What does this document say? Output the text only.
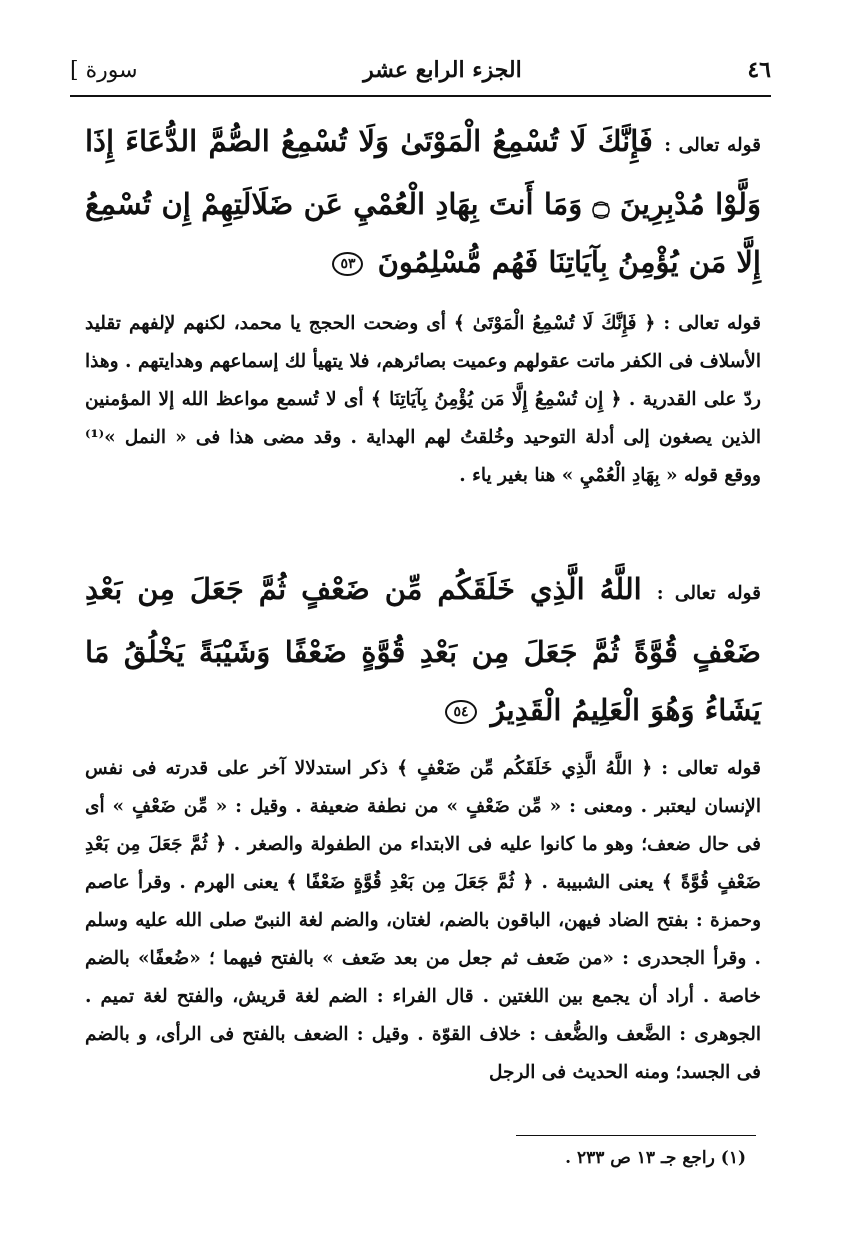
[ سورة	الجزء الرابع عشر	٤٦
قوله تعالى : فَإِنَّكَ لَا تُسْمِعُ الْمَوْتَىٰ وَلَا تُسْمِعُ الصُّمَّ الدُّعَاءَ إِذَا وَلَّوْا مُدْبِرِينَ ۝ وَمَا أَنتَ بِهَادِ الْعُمْيِ عَن ضَلَالَتِهِمْ إِن تُسْمِعُ إِلَّا مَن يُؤْمِنُ بِآيَاتِنَا فَهُم مُّسْلِمُونَ ٥٣
قوله تعالى : ﴿ فَإِنَّكَ لَا تُسْمِعُ الْمَوْتَىٰ ﴾ أى وضحت الحجج يا محمد، لكنهم لإلفهم تقليد الأسلاف فى الكفر ماتت عقولهم وعميت بصائرهم، فلا يتهيأ لك إسماعهم وهدايتهم . وهذا ردّ على القدرية . ﴿ إِن تُسْمِعُ إِلَّا مَن يُؤْمِنُ بِآيَاتِنَا ﴾ أى لا تُسمع مواعظ الله إلا المؤمنين الذين يصغون إلى أدلة التوحيد وخُلقتُ لهم الهداية . وقد مضى هذا فى « النمل »⁽¹⁾ ووقع قوله « بِهَادِ الْعُمْيِ » هنا بغير ياء .
قوله تعالى : اللَّهُ الَّذِي خَلَقَكُم مِّن ضَعْفٍ ثُمَّ جَعَلَ مِن بَعْدِ ضَعْفٍ قُوَّةً ثُمَّ جَعَلَ مِن بَعْدِ قُوَّةٍ ضَعْفًا وَشَيْبَةً يَخْلُقُ مَا يَشَاءُ وَهُوَ الْعَلِيمُ الْقَدِيرُ ٥٤
قوله تعالى : ﴿ اللَّهُ الَّذِي خَلَقَكُم مِّن ضَعْفٍ ﴾ ذكر استدلالا آخر على قدرته فى نفس الإنسان ليعتبر . ومعنى : « مِّن ضَعْفٍ » من نطفة ضعيفة . وقيل : « مِّن ضَعْفٍ » أى فى حال ضعف؛ وهو ما كانوا عليه فى الابتداء من الطفولة والصغر . ﴿ ثُمَّ جَعَلَ مِن بَعْدِ ضَعْفٍ قُوَّةً ﴾ يعنى الشبيبة . ﴿ ثُمَّ جَعَلَ مِن بَعْدِ قُوَّةٍ ضَعْفًا ﴾ يعنى الهرم . وقرأ عاصم وحمزة : بفتح الضاد فيهن، الباقون بالضم، لغتان، والضم لغة النبىّ صلى الله عليه وسلم . وقرأ الجحدرى : «من ضَعف ثم جعل من بعد ضَعف » بالفتح فيهما ؛ «ضُعفًا» بالضم خاصة . أراد أن يجمع بين اللغتين . قال الفراء : الضم لغة قريش، والفتح لغة تميم . الجوهرى : الضَّعف والضُّعف : خلاف القوّة . وقيل : الضعف بالفتح فى الرأى، و بالضم فى الجسد؛ ومنه الحديث فى الرجل
(١) راجع جـ ١٣ ص ٢٣٣ .
